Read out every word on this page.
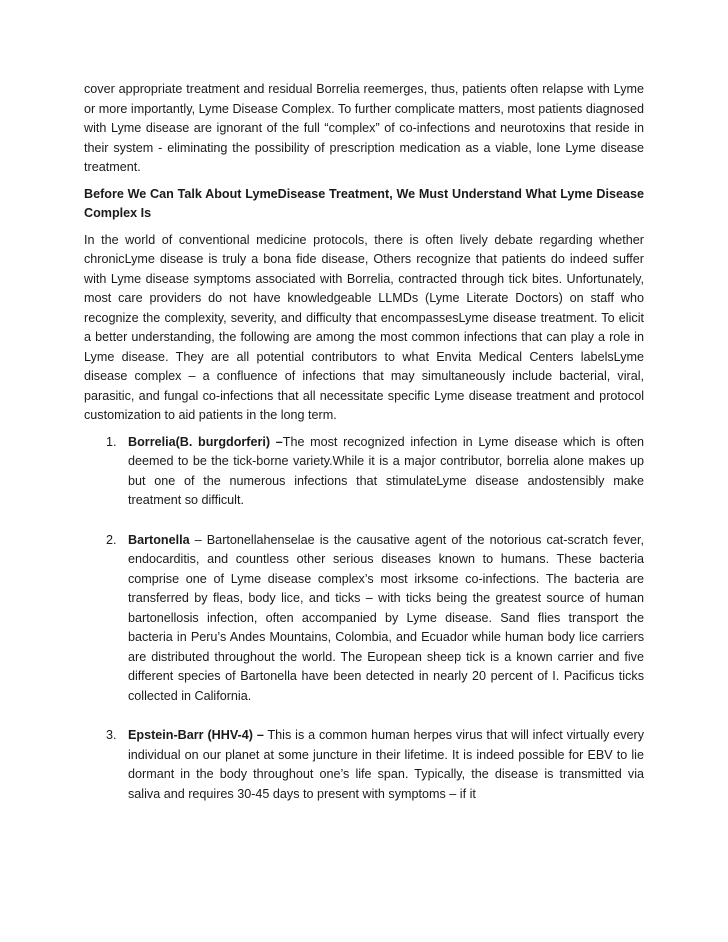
cover appropriate treatment and residual Borrelia reemerges, thus, patients often relapse with Lyme or more importantly, Lyme Disease Complex. To further complicate matters, most patients diagnosed with Lyme disease are ignorant of the full “complex” of co-infections and neurotoxins that reside in their system - eliminating the possibility of prescription medication as a viable, lone Lyme disease treatment.

Before We Can Talk About LymeDisease Treatment, We Must Understand What Lyme Disease Complex Is

In the world of conventional medicine protocols, there is often lively debate regarding whether chronicLyme disease is truly a bona fide disease, Others recognize that patients do indeed suffer with Lyme disease symptoms associated with Borrelia, contracted through tick bites. Unfortunately, most care providers do not have knowledgeable LLMDs (Lyme Literate Doctors) on staff who recognize the complexity, severity, and difficulty that encompassesLyme disease treatment. To elicit a better understanding, the following are among the most common infections that can play a role in Lyme disease. They are all potential contributors to what Envita Medical Centers labelsLyme disease complex – a confluence of infections that may simultaneously include bacterial, viral, parasitic, and fungal co-infections that all necessitate specific Lyme disease treatment and protocol customization to aid patients in the long term.

1. Borrelia(B. burgdorferi) –The most recognized infection in Lyme disease which is often deemed to be the tick-borne variety.While it is a major contributor, borrelia alone makes up but one of the numerous infections that stimulateLyme disease andostensibly make treatment so difficult.
2. Bartonella – Bartonellahenselae is the causative agent of the notorious cat-scratch fever, endocarditis, and countless other serious diseases known to humans. These bacteria comprise one of Lyme disease complex’s most irksome co-infections. The bacteria are transferred by fleas, body lice, and ticks – with ticks being the greatest source of human bartonellosis infection, often accompanied by Lyme disease. Sand flies transport the bacteria in Peru’s Andes Mountains, Colombia, and Ecuador while human body lice carriers are distributed throughout the world. The European sheep tick is a known carrier and five different species of Bartonella have been detected in nearly 20 percent of I. Pacificus ticks collected in California.
3. Epstein-Barr (HHV-4) – This is a common human herpes virus that will infect virtually every individual on our planet at some juncture in their lifetime. It is indeed possible for EBV to lie dormant in the body throughout one’s life span. Typically, the disease is transmitted via saliva and requires 30-45 days to present with symptoms – if it
